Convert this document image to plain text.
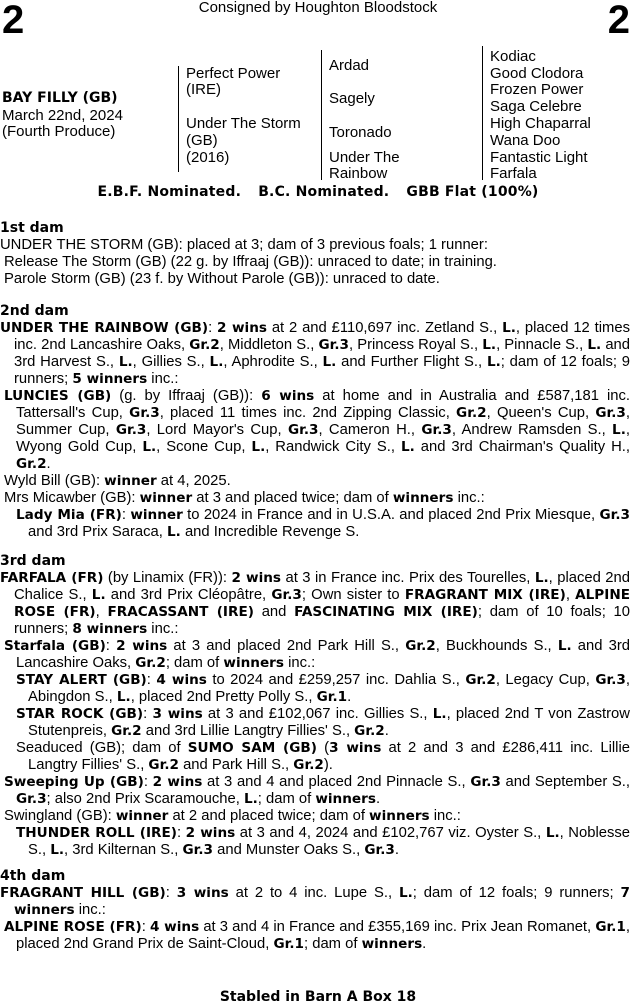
2	Consigned by Houghton Bloodstock	2
BAY FILLY (GB)
March 22nd, 2024
(Fourth Produce)
Perfect Power
(IRE)
Under The Storm
(GB)
(2016)
Ardad
Sagely
Toronado
Under The
Rainbow
Kodiac
Good Clodora
Frozen Power
Saga Celebre
High Chaparral
Wana Doo
Fantastic Light
Farfala
E.B.F. Nominated. B.C. Nominated. GBB Flat (100%)
1st dam
UNDER THE STORM (GB): placed at 3; dam of 3 previous foals; 1 runner:
Release The Storm (GB) (22 g. by Iffraaj (GB)): unraced to date; in training.
Parole Storm (GB) (23 f. by Without Parole (GB)): unraced to date.
2nd dam
UNDER THE RAINBOW (GB): 2 wins at 2 and £110,697 inc. Zetland S., L., placed 12 times inc. 2nd Lancashire Oaks, Gr.2, Middleton S., Gr.3, Princess Royal S., L., Pinnacle S., L. and 3rd Harvest S., L., Gillies S., L., Aphrodite S., L. and Further Flight S., L.; dam of 12 foals; 9 runners; 5 winners inc.:
LUNCIES (GB) (g. by Iffraaj (GB)): 6 wins at home and in Australia and £587,181 inc. Tattersall's Cup, Gr.3, placed 11 times inc. 2nd Zipping Classic, Gr.2, Queen's Cup, Gr.3, Summer Cup, Gr.3, Lord Mayor's Cup, Gr.3, Cameron H., Gr.3, Andrew Ramsden S., L., Wyong Gold Cup, L., Scone Cup, L., Randwick City S., L. and 3rd Chairman's Quality H., Gr.2.
Wyld Bill (GB): winner at 4, 2025.
Mrs Micawber (GB): winner at 3 and placed twice; dam of winners inc.:
Lady Mia (FR): winner to 2024 in France and in U.S.A. and placed 2nd Prix Miesque, Gr.3 and 3rd Prix Saraca, L. and Incredible Revenge S.
3rd dam
FARFALA (FR) (by Linamix (FR)): 2 wins at 3 in France inc. Prix des Tourelles, L., placed 2nd Chalice S., L. and 3rd Prix Cléopâtre, Gr.3; Own sister to FRAGRANT MIX (IRE), ALPINE ROSE (FR), FRACASSANT (IRE) and FASCINATING MIX (IRE); dam of 10 foals; 10 runners; 8 winners inc.:
Starfala (GB): 2 wins at 3 and placed 2nd Park Hill S., Gr.2, Buckhounds S., L. and 3rd Lancashire Oaks, Gr.2; dam of winners inc.:
STAY ALERT (GB): 4 wins to 2024 and £259,257 inc. Dahlia S., Gr.2, Legacy Cup, Gr.3, Abingdon S., L., placed 2nd Pretty Polly S., Gr.1.
STAR ROCK (GB): 3 wins at 3 and £102,067 inc. Gillies S., L., placed 2nd T von Zastrow Stutenpreis, Gr.2 and 3rd Lillie Langtry Fillies' S., Gr.2.
Seaduced (GB); dam of SUMO SAM (GB) (3 wins at 2 and 3 and £286,411 inc. Lillie Langtry Fillies' S., Gr.2 and Park Hill S., Gr.2).
Sweeping Up (GB): 2 wins at 3 and 4 and placed 2nd Pinnacle S., Gr.3 and September S., Gr.3; also 2nd Prix Scaramouche, L.; dam of winners.
Swingland (GB): winner at 2 and placed twice; dam of winners inc.:
THUNDER ROLL (IRE): 2 wins at 3 and 4, 2024 and £102,767 viz. Oyster S., L., Noblesse S., L., 3rd Kilternan S., Gr.3 and Munster Oaks S., Gr.3.
4th dam
FRAGRANT HILL (GB): 3 wins at 2 to 4 inc. Lupe S., L.; dam of 12 foals; 9 runners; 7 winners inc.:
ALPINE ROSE (FR): 4 wins at 3 and 4 in France and £355,169 inc. Prix Jean Romanet, Gr.1, placed 2nd Grand Prix de Saint-Cloud, Gr.1; dam of winners.
Stabled in Barn A Box 18
